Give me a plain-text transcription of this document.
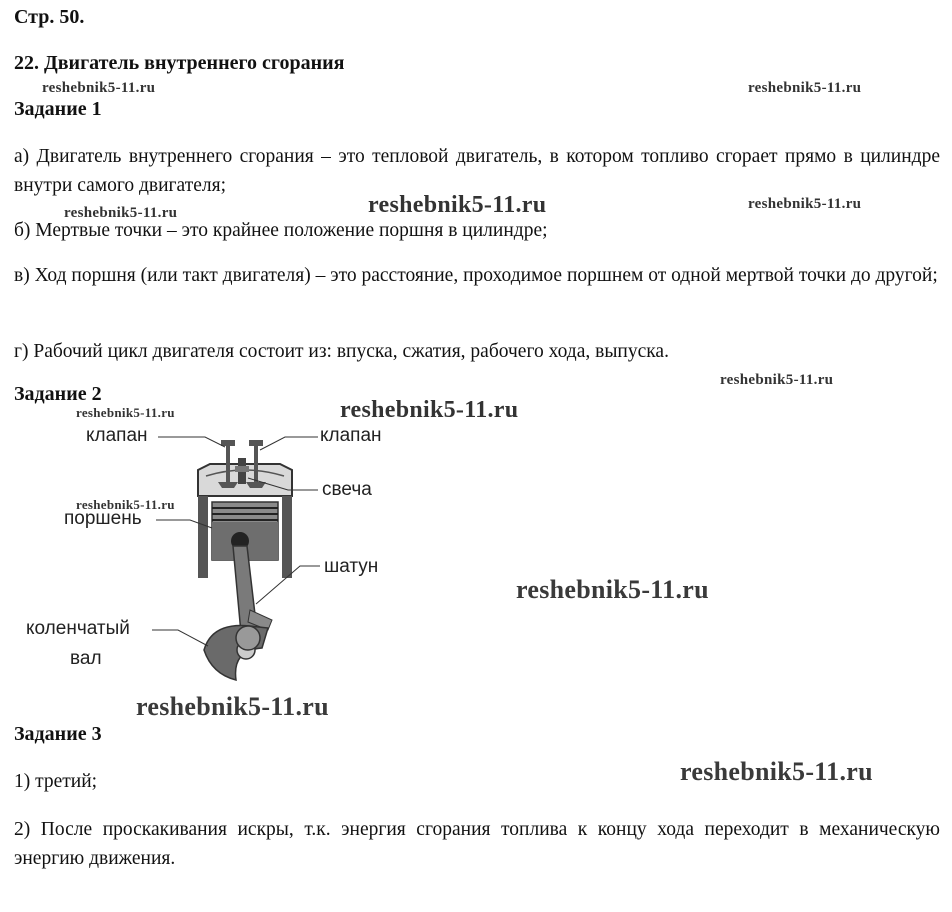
Стр. 50.
22. Двигатель внутреннего сгорания
reshebnik5-11.ru	reshebnik5-11.ru
reshebnik5-11.ru	reshebnik5-11.ru	reshebnik5-11.ru
reshebnik5-11.ru
reshebnik5-11.ru	reshebnik5-11.ru
reshebnik5-11.ru
reshebnik5-11.ru
reshebnik5-11.ru
reshebnik5-11.ru
Задание 1
а) Двигатель внутреннего сгорания – это тепловой двигатель, в котором топливо сгорает прямо в цилиндре внутри самого двигателя;
б) Мертвые точки – это крайнее положение поршня в цилиндре;
в) Ход поршня (или такт двигателя) – это расстояние, проходимое поршнем от одной мертвой точки до другой;
г) Рабочий цикл двигателя состоит из: впуска, сжатия, рабочего хода, выпуска.
Задание 2
клапан	клапан
свеча
поршень
шатун
коленчатый
вал
Задание 3
1) третий;
2) После проскакивания искры, т.к. энергия сгорания топлива к концу хода переходит в механическую энергию движения.
